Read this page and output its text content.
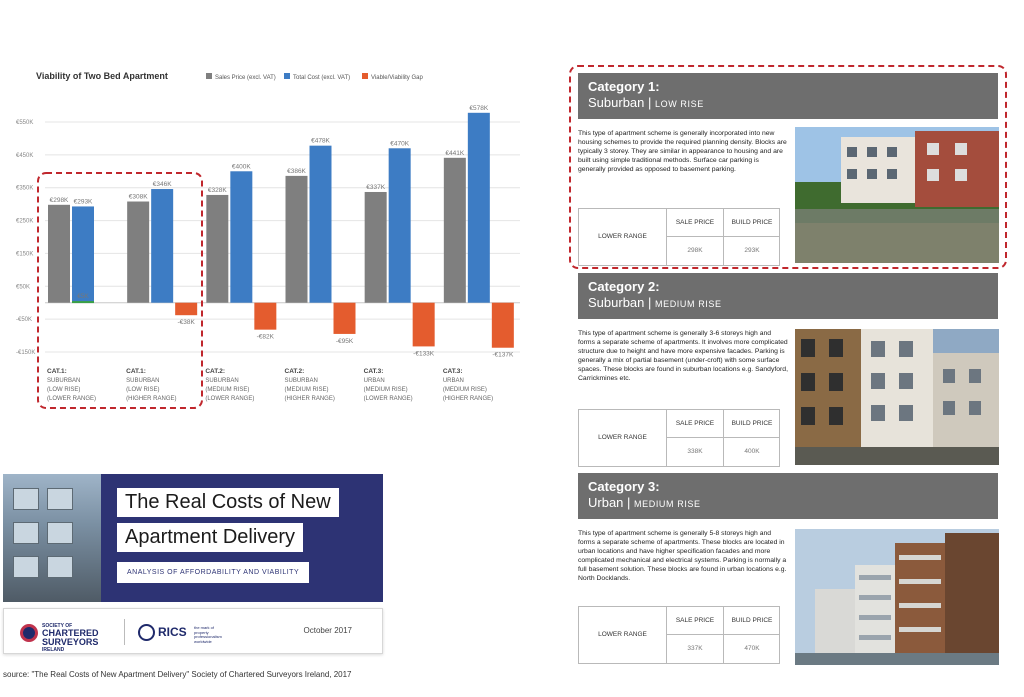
Viability of Two Bed Apartment	Sales Price (excl. VAT)	Total Cost (excl. VAT)	Viable/Viability Gap
€550K
€450K
€350K
€250K
€150K
€50K
-€50K
-€150K
€298K €293K
€5K
€308K
€346K
-€38K
€328K
€400K
-€82K
€386K
€478K
-€95K
€337K
€470K
-€133K
€441K
€578K
-€137K
CAT.1:
SUBURBAN
(LOW RISE)
(LOWER RANGE)
CAT.1:
SUBURBAN
(LOW RISE)
(HIGHER RANGE)
CAT.2:
SUBURBAN
(MEDIUM RISE)
(LOWER RANGE)
CAT.2:
SUBURBAN
(MEDIUM RISE)
(HIGHER RANGE)
CAT.3:
URBAN
(MEDIUM RISE)
(LOWER RANGE)
CAT.3:
URBAN
(MEDIUM RISE)
(HIGHER RANGE)
The Real Costs of New
Apartment Delivery
ANALYSIS OF AFFORDABILITY AND VIABILITY
SOCIETY OF
CHARTERED
SURVEYORS
IRELAND
RICS the mark of property professionalism worldwide
October 2017
source: "The Real Costs of New Apartment Delivery" Society of Chartered Surveyors Ireland, 2017
Category 1:
Suburban | LOW RISE
This type of apartment scheme is generally incorporated into new housing schemes to provide the required planning density. Blocks are typically 3 storey. They are similar in appearance to housing and are built using simple traditional methods. Surface car parking is generally provided as opposed to basement parking.
LOWER RANGE
SALE PRICE	BUILD PRICE
298K	293K
Category 2:
Suburban | MEDIUM RISE
This type of apartment scheme is generally 3-6 storeys high and forms a separate scheme of apartments. It involves more complicated structure due to height and have more expensive facades. Parking is generally a mix of partial basement (under-croft) with some surface spaces. These blocks are found in suburban locations e.g. Sandyford, Carrickmines etc.
LOWER RANGE
SALE PRICE	BUILD PRICE
338K	400K
Category 3:
Urban | MEDIUM RISE
This type of apartment scheme is generally 5-8 storeys high and forms a separate scheme of apartments. These blocks are located in urban locations and have higher specification facades and more complicated mechanical and electrical systems. Parking is normally a full basement solution. These blocks are found in urban locations e.g. North Docklands.
LOWER RANGE
SALE PRICE	BUILD PRICE
337K	470K
